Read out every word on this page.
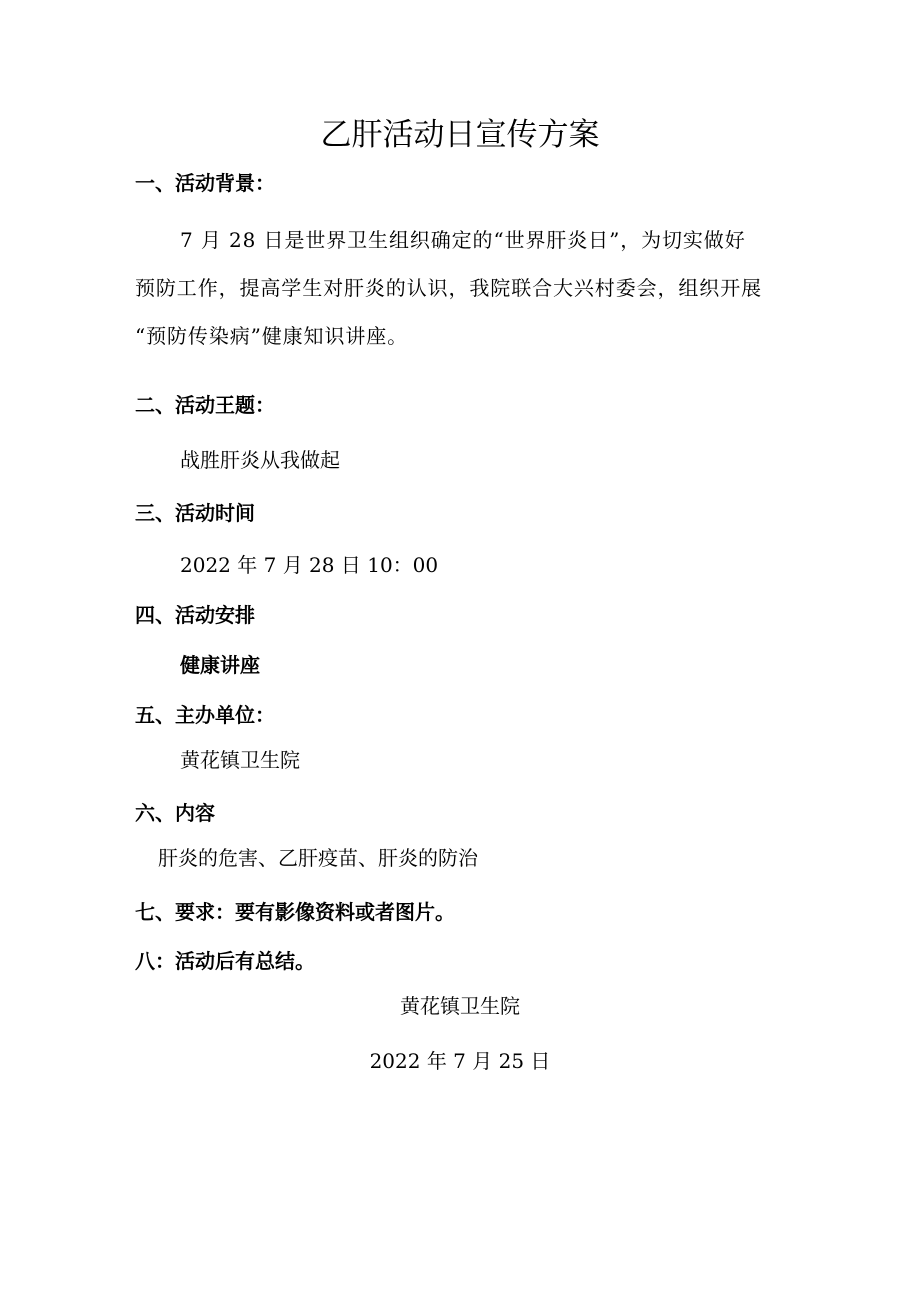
乙肝活动日宣传方案
一、活动背景：
7 月 28 日是世界卫生组织确定的“世界肝炎日”，为切实做好
预防工作，提高学生对肝炎的认识，我院联合大兴村委会，组织开展
“预防传染病”健康知识讲座。
二、活动王题：
战胜肝炎从我做起
三、活动时间
2022 年 7 月 28 日 10：00
四、活动安排
健康讲座
五、主办单位：
黄花镇卫生院
六、内容
肝炎的危害、乙肝疫苗、肝炎的防治
七、要求：要有影像资料或者图片。
八：活动后有总结。
黄花镇卫生院
2022 年 7 月 25 日
